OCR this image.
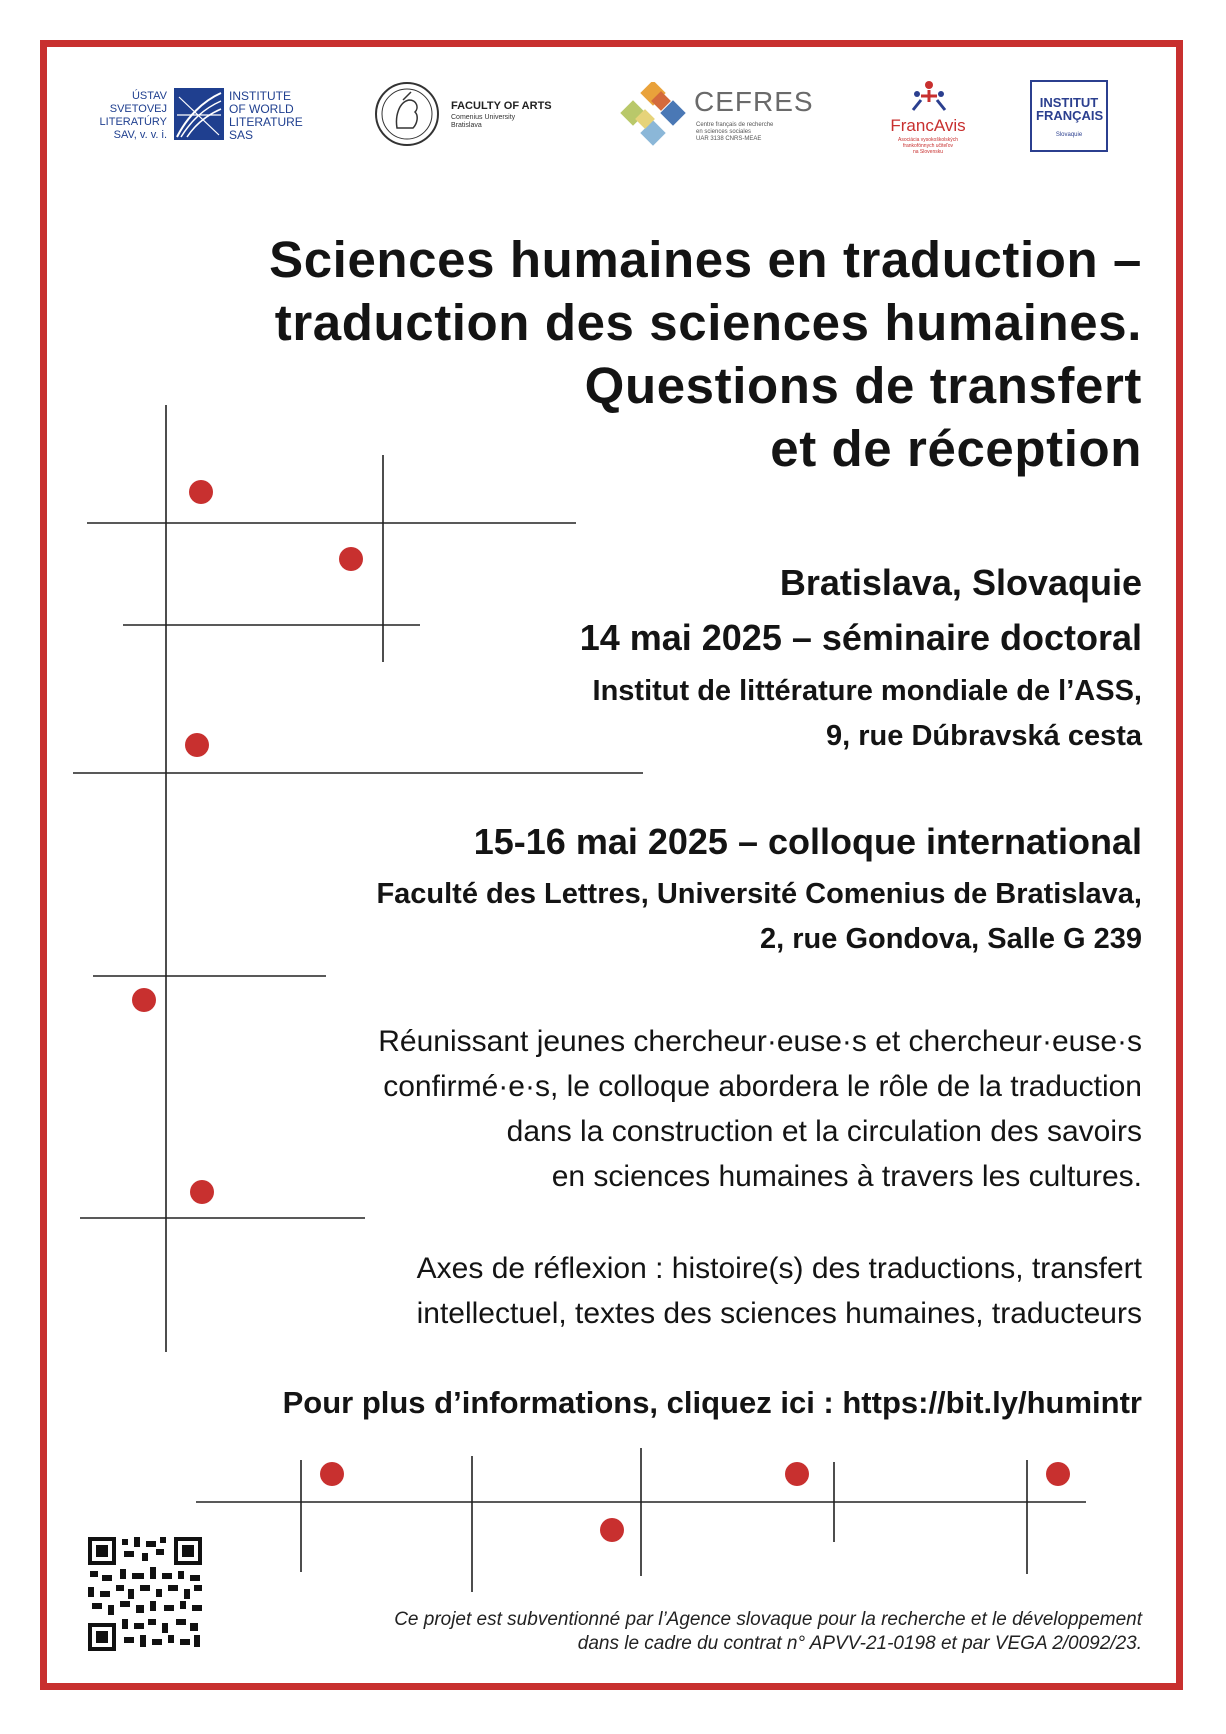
ÚSTAV
SVETOVEJ
LITERATÚRY
SAV, v. v. i.
INSTITUTE
OF WORLD
LITERATURE
SAS
FACULTY OF ARTS
Comenius University
Bratislava
CEFRES
Centre français de recherche
en sciences sociales
UAR 3138 CNRS-MEAE
FrancAvis
Asociácia vysokoškolských
frankofónnych učiteľov
na Slovensku
INSTITUT
FRANÇAIS
Slovaquie
Sciences humaines en traduction –
traduction des sciences humaines.
Questions de transfert
et de réception
Bratislava, Slovaquie
14 mai 2025 – séminaire doctoral
Institut de littérature mondiale de l’ASS,
9, rue Dúbravská cesta
15-16 mai 2025 – colloque international
Faculté des Lettres, Université Comenius de Bratislava,
2, rue Gondova, Salle G 239
Réunissant jeunes chercheur·euse·s et chercheur·euse·s
confirmé·e·s, le colloque abordera le rôle de la traduction
dans la construction et la circulation des savoirs
en sciences humaines à travers les cultures.
Axes de réflexion : histoire(s) des traductions, transfert
intellectuel, textes des sciences humaines, traducteurs
Pour plus d’informations, cliquez ici : https://bit.ly/humintr
Ce projet est subventionné par l’Agence slovaque pour la recherche et le développement
dans le cadre du contrat n° APVV-21-0198 et par VEGA 2/0092/23.
